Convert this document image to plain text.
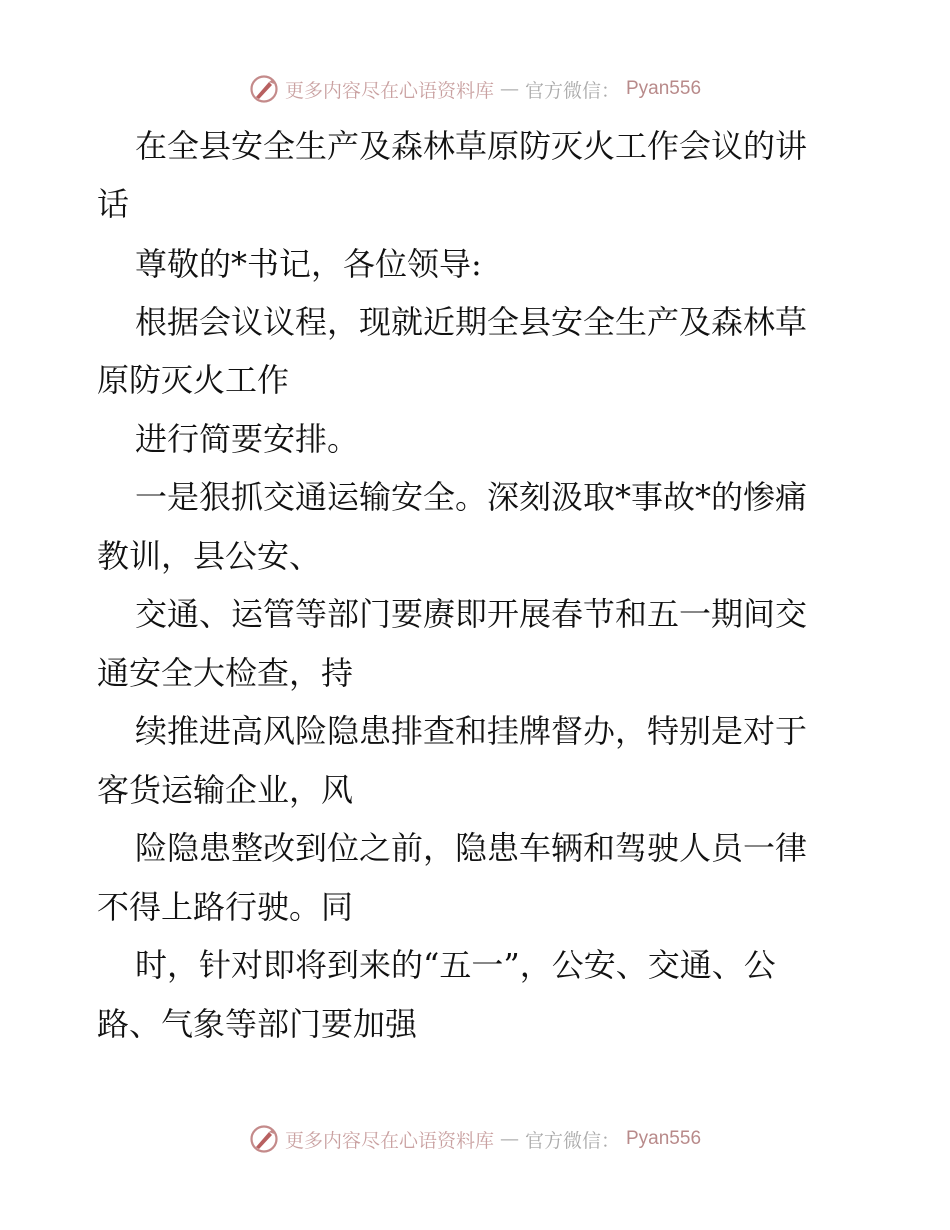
更多内容尽在心语资料库 — 官方微信： Pyan556
在全县安全生产及森林草原防灭火工作会议的讲
话
尊敬的*书记，各位领导:
根据会议议程，现就近期全县安全生产及森林草
原防灭火工作
进行简要安排。
一是狠抓交通运输安全。深刻汲取*事故*的惨痛
教训，县公安、
交通、运管等部门要赓即开展春节和五一期间交
通安全大检查，持
续推进高风险隐患排查和挂牌督办，特别是对于
客货运输企业，风
险隐患整改到位之前，隐患车辆和驾驶人员一律
不得上路行驶。同
时，针对即将到来的“五一”，公安、交通、公
路、气象等部门要加强
更多内容尽在心语资料库 — 官方微信： Pyan556
